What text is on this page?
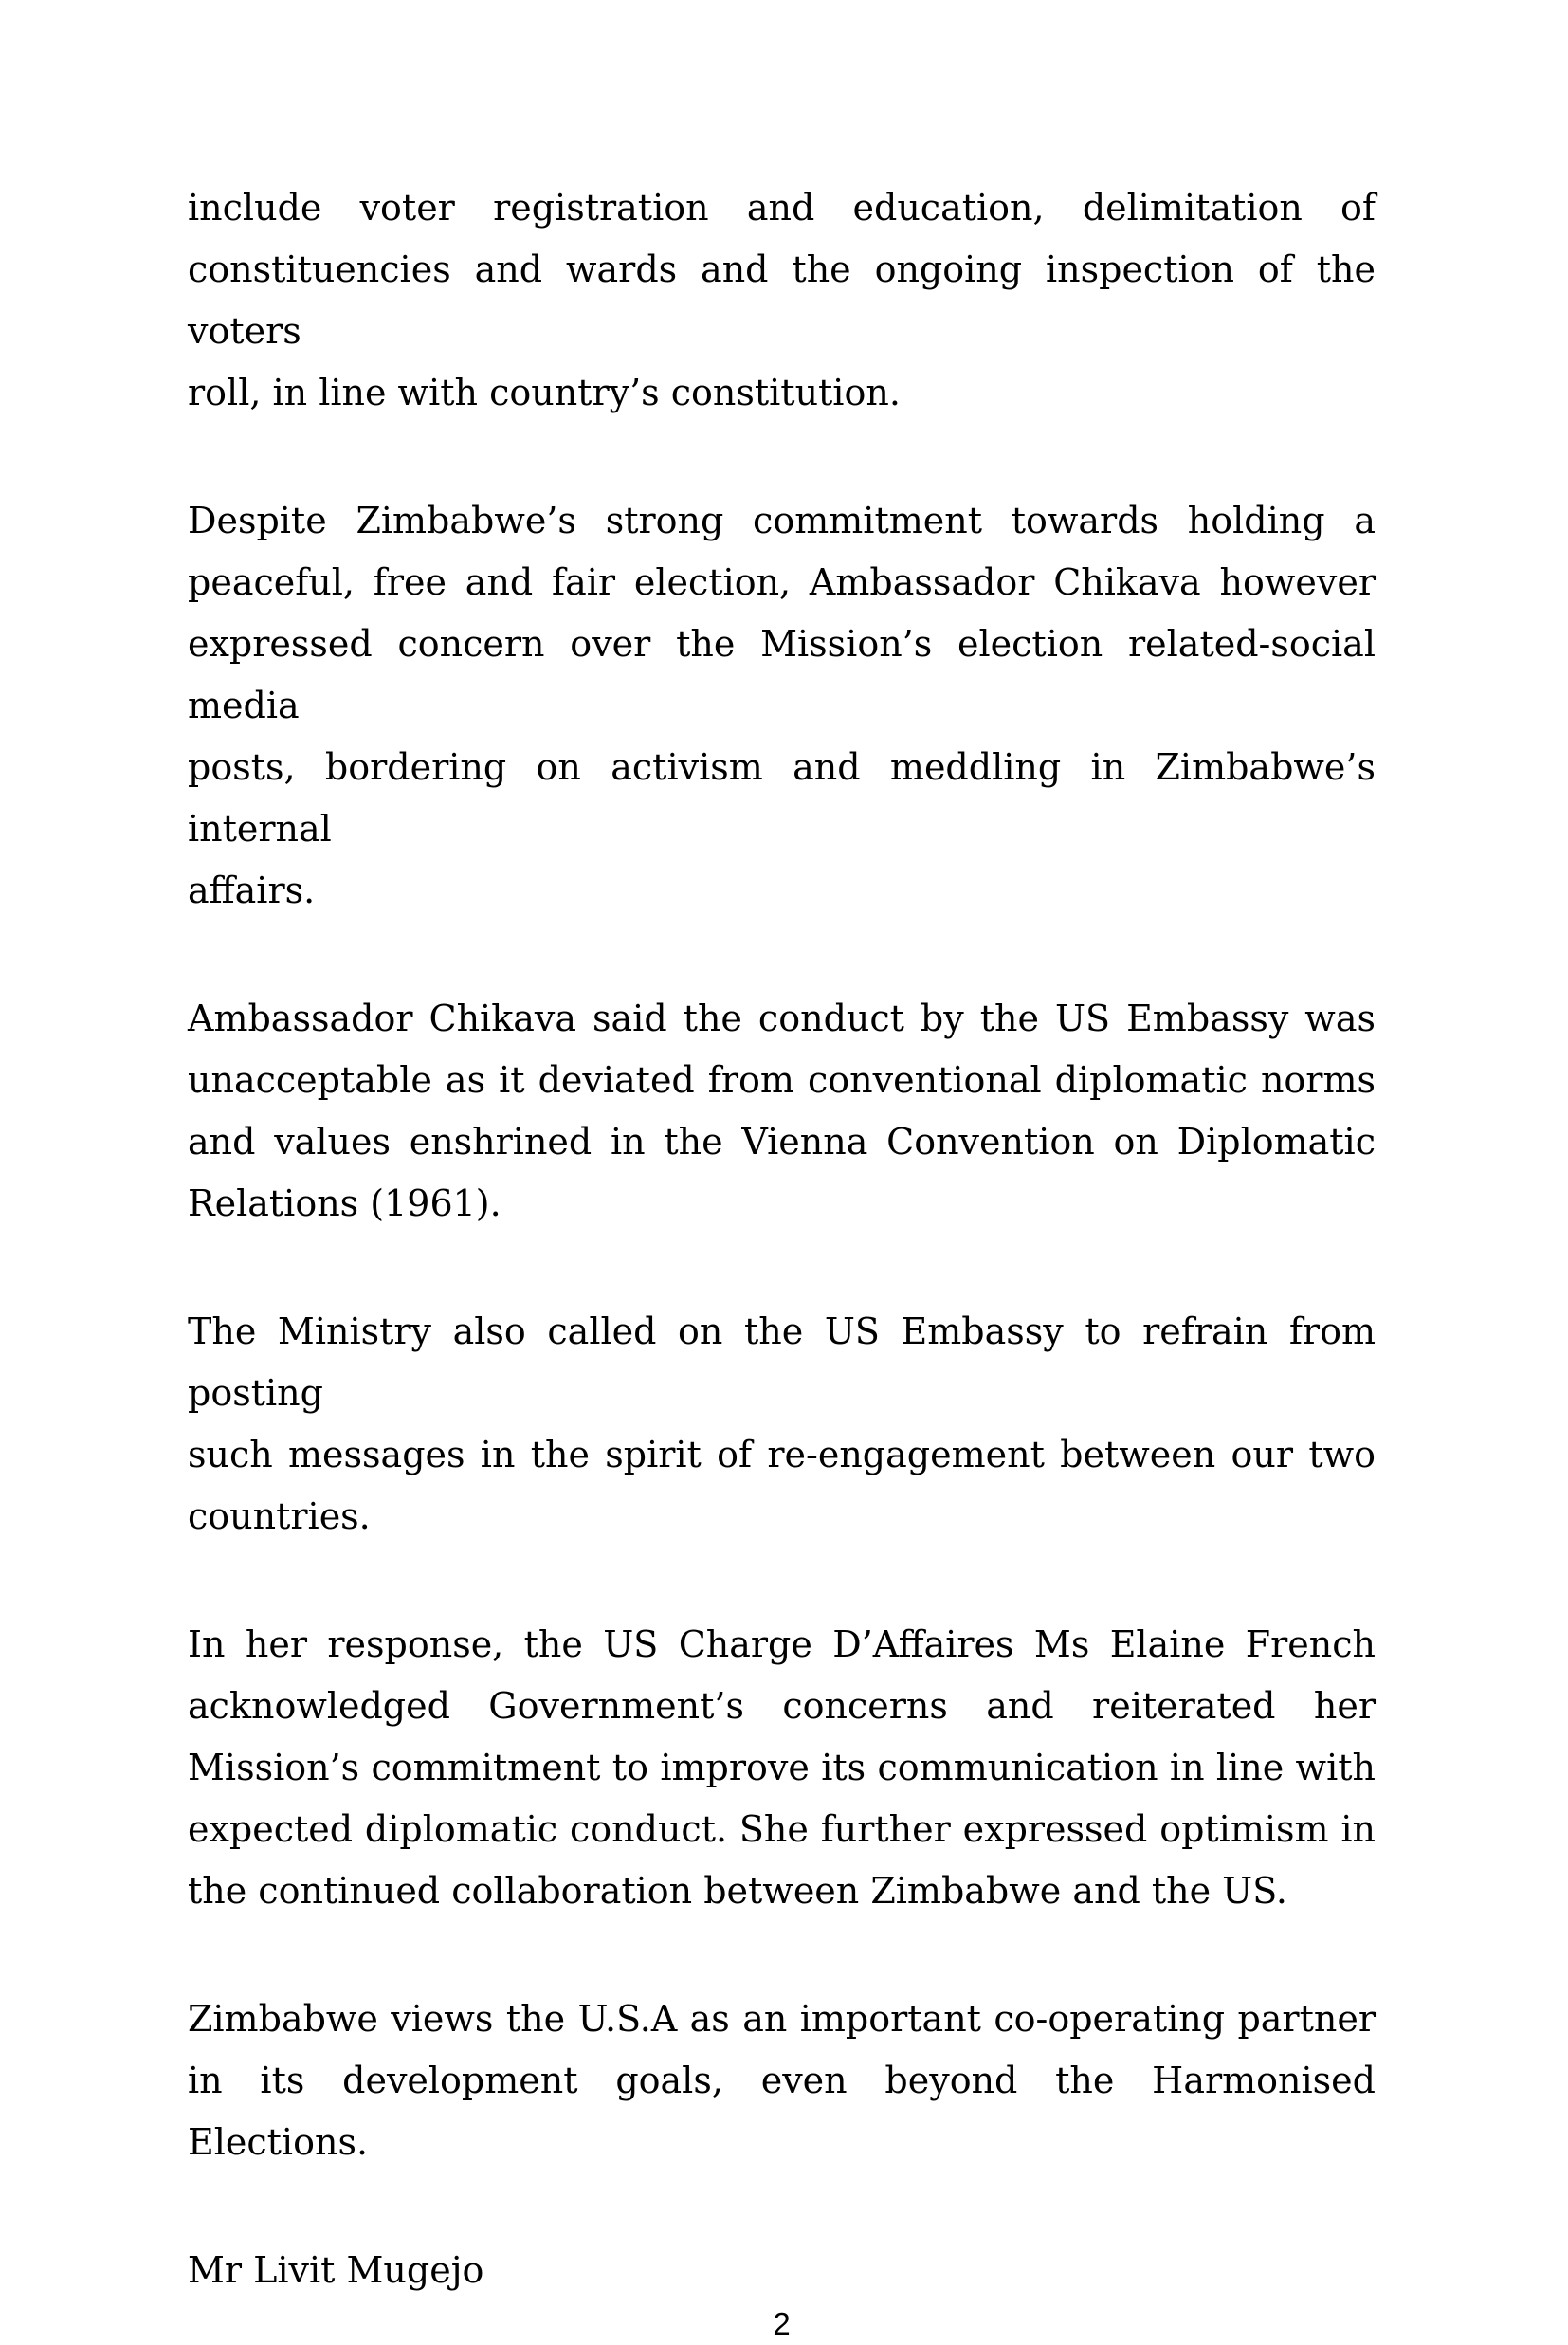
include voter registration and education, delimitation of
constituencies and wards and the ongoing inspection of the voters
roll, in line with country’s constitution.
Despite Zimbabwe’s strong commitment towards holding a
peaceful, free and fair election, Ambassador Chikava however
expressed concern over the Mission’s election related-social media
posts, bordering on activism and meddling in Zimbabwe’s internal
affairs.
Ambassador Chikava said the conduct by the US Embassy was
unacceptable as it deviated from conventional diplomatic norms
and values enshrined in the Vienna Convention on Diplomatic
Relations (1961).
The Ministry also called on the US Embassy to refrain from posting
such messages in the spirit of re-engagement between our two
countries.
In her response, the US Charge D’Affaires Ms Elaine French
acknowledged Government’s concerns and reiterated her
Mission’s commitment to improve its communication in line with
expected diplomatic conduct. She further expressed optimism in
the continued collaboration between Zimbabwe and the US.
Zimbabwe views the U.S.A as an important co-operating partner
in its development goals, even beyond the Harmonised Elections.
Mr Livit Mugejo
2
